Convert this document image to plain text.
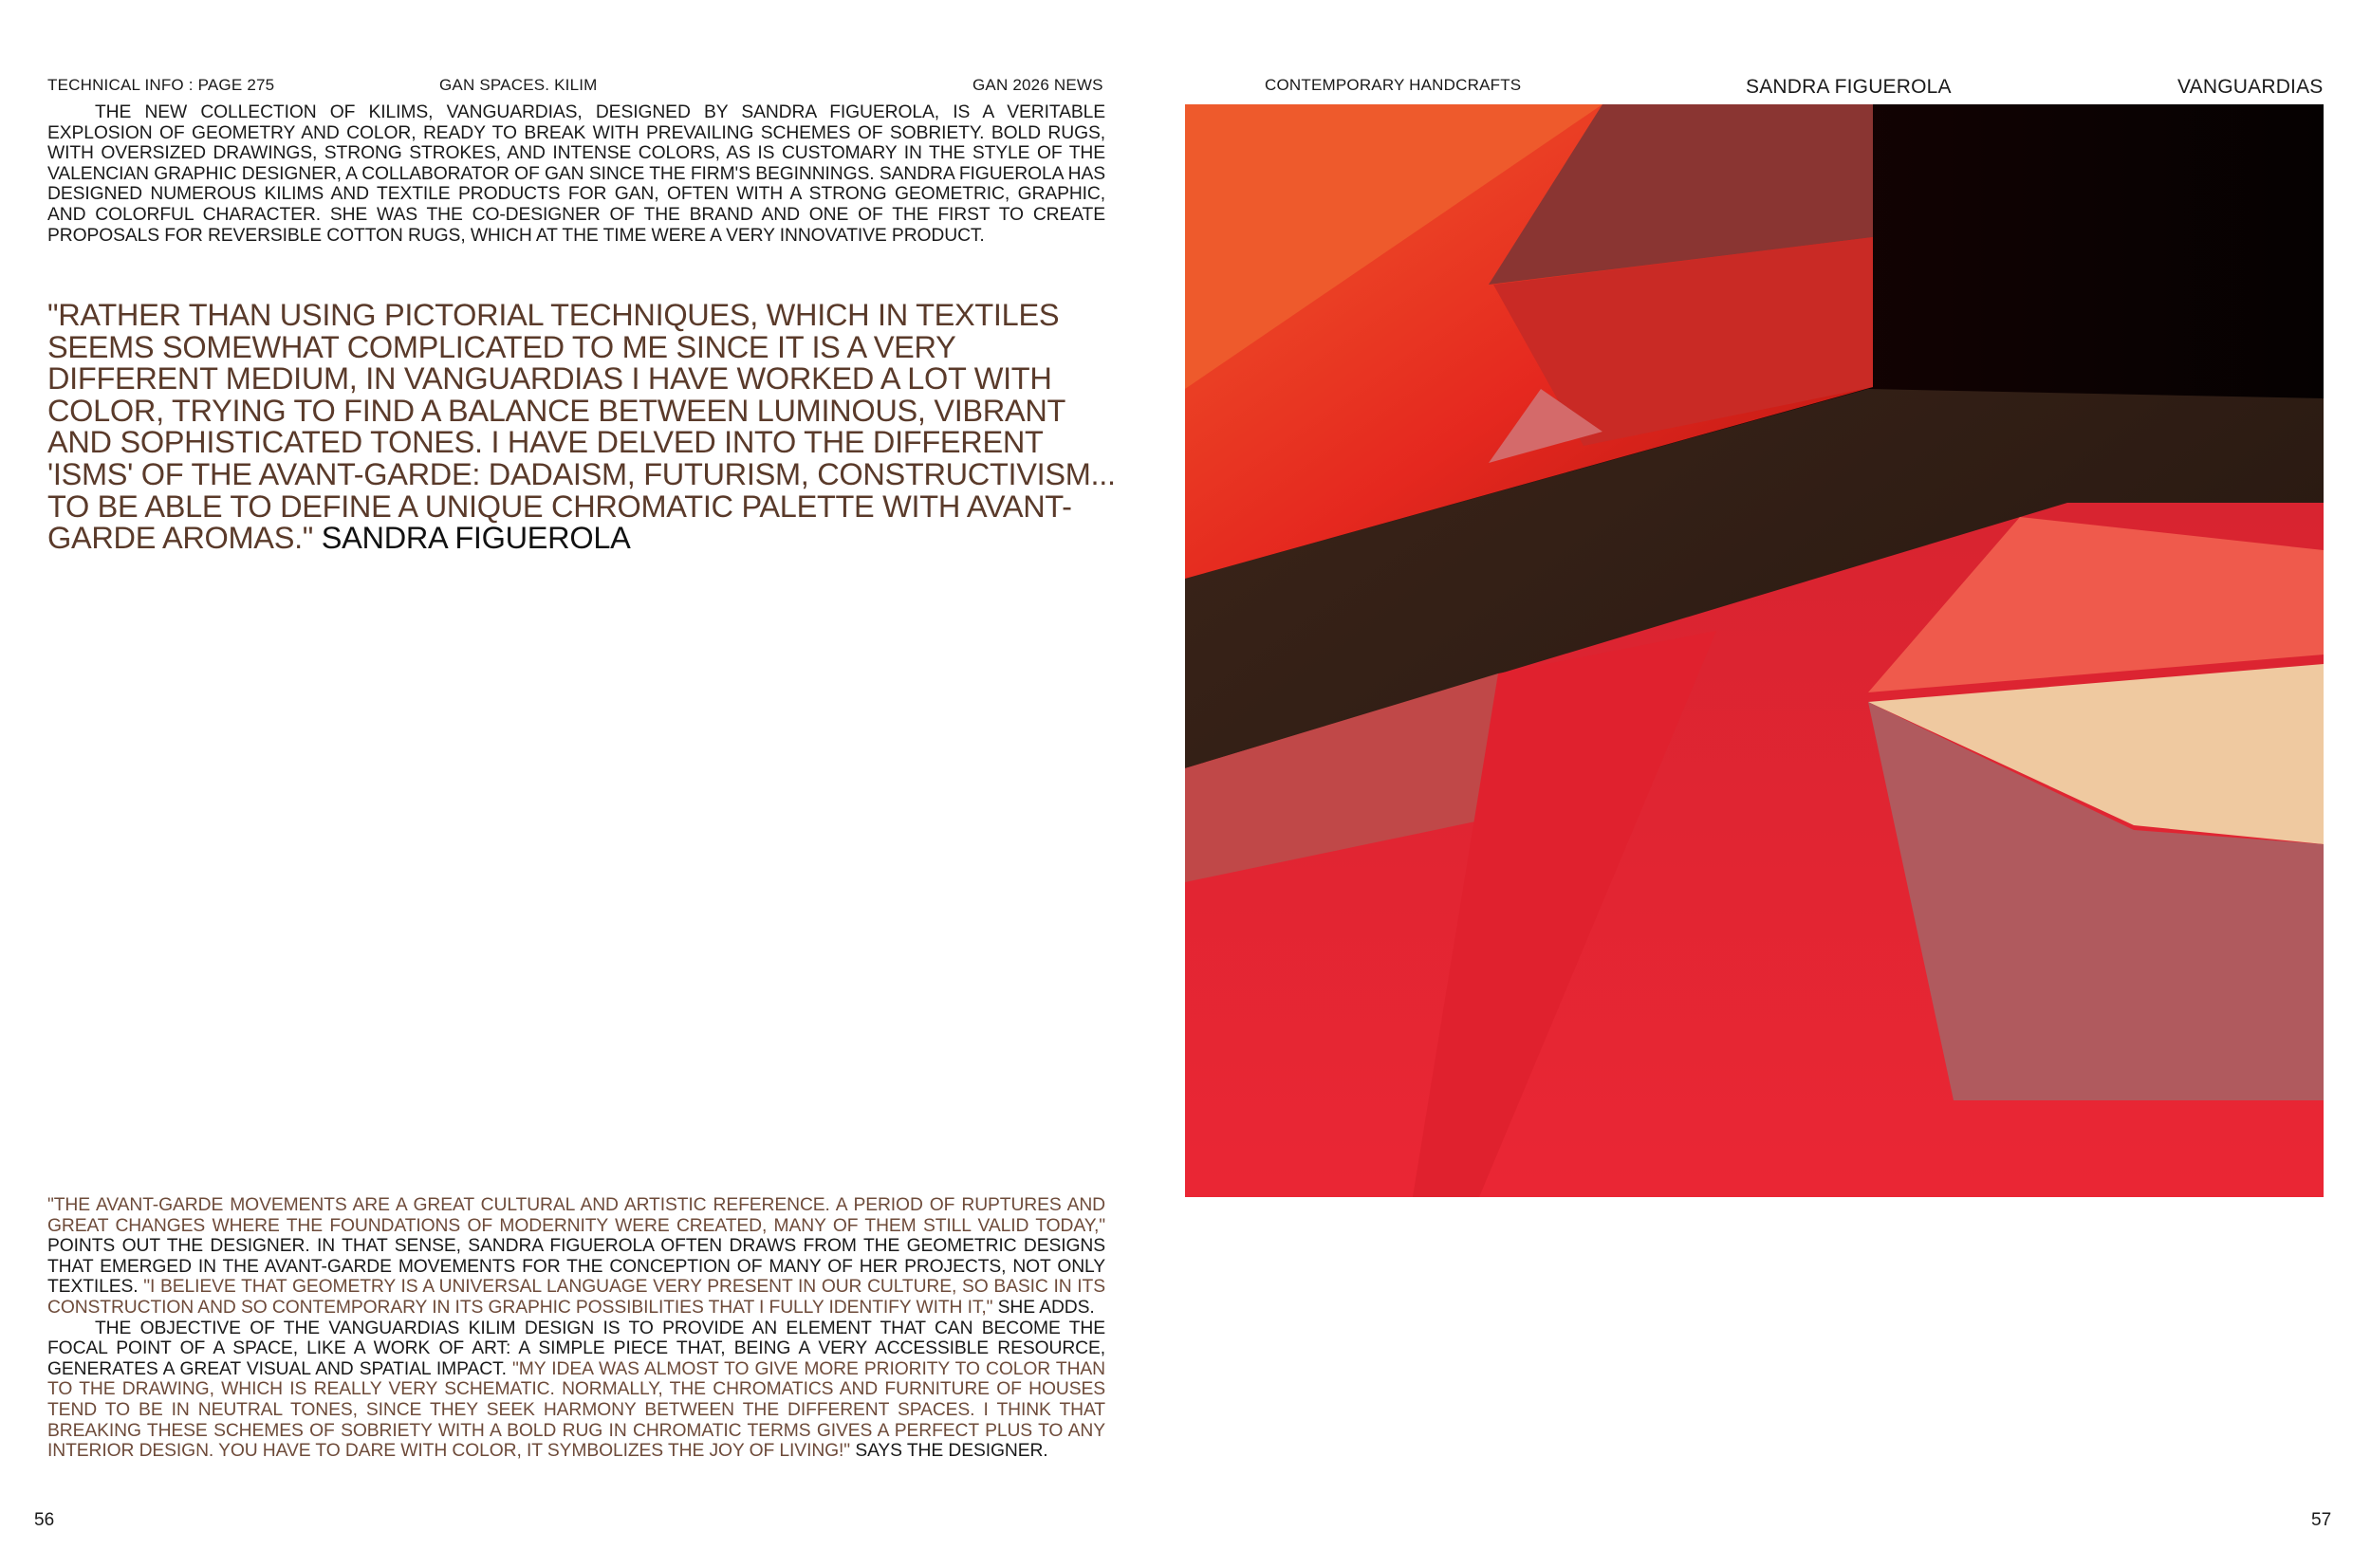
TECHNICAL INFO : PAGE 275	GAN SPACES. KILIM	GAN 2026 NEWS	CONTEMPORARY HANDCRAFTS	SANDRA FIGUEROLA	VANGUARDIAS

THE NEW COLLECTION OF KILIMS, VANGUARDIAS, DESIGNED BY SANDRA FIGUEROLA, IS A VERITABLE EXPLOSION OF GEOMETRY AND COLOR, READY TO BREAK WITH PREVAILING SCHEMES OF SOBRIETY. BOLD RUGS, WITH OVERSIZED DRAWINGS, STRONG STROKES, AND INTENSE COLORS, AS IS CUSTOMARY IN THE STYLE OF THE VALENCIAN GRAPHIC DESIGNER, A COLLABORATOR OF GAN SINCE THE FIRM'S BEGINNINGS. SANDRA FIGUEROLA HAS DESIGNED NUMEROUS KILIMS AND TEXTILE PRODUCTS FOR GAN, OFTEN WITH A STRONG GEOMETRIC, GRAPHIC, AND COLORFUL CHARACTER. SHE WAS THE CO-DESIGNER OF THE BRAND AND ONE OF THE FIRST TO CREATE PROPOSALS FOR REVERSIBLE COTTON RUGS, WHICH AT THE TIME WERE A VERY INNOVATIVE PRODUCT.

"RATHER THAN USING PICTORIAL TECHNIQUES, WHICH IN TEXTILES SEEMS SOMEWHAT COMPLICATED TO ME SINCE IT IS A VERY DIFFERENT MEDIUM, IN VANGUARDIAS I HAVE WORKED A LOT WITH COLOR, TRYING TO FIND A BALANCE BETWEEN LUMINOUS, VIBRANT AND SOPHISTICATED TONES. I HAVE DELVED INTO THE DIFFERENT 'ISMS' OF THE AVANT-GARDE: DADAISM, FUTURISM, CONSTRUCTIVISM... TO BE ABLE TO DEFINE A UNIQUE CHROMATIC PALETTE WITH AVANT-GARDE AROMAS." SANDRA FIGUEROLA

"THE AVANT-GARDE MOVEMENTS ARE A GREAT CULTURAL AND ARTISTIC REFERENCE. A PERIOD OF RUPTURES AND GREAT CHANGES WHERE THE FOUNDATIONS OF MODERNITY WERE CREATED, MANY OF THEM STILL VALID TODAY," POINTS OUT THE DESIGNER. IN THAT SENSE, SANDRA FIGUEROLA OFTEN DRAWS FROM THE GEOMETRIC DESIGNS THAT EMERGED IN THE AVANT-GARDE MOVEMENTS FOR THE CONCEPTION OF MANY OF HER PROJECTS, NOT ONLY TEXTILES. "I BELIEVE THAT GEOMETRY IS A UNIVERSAL LANGUAGE VERY PRESENT IN OUR CULTURE, SO BASIC IN ITS CONSTRUCTION AND SO CONTEMPORARY IN ITS GRAPHIC POSSIBILITIES THAT I FULLY IDENTIFY WITH IT," SHE ADDS.

THE OBJECTIVE OF THE VANGUARDIAS KILIM DESIGN IS TO PROVIDE AN ELEMENT THAT CAN BECOME THE FOCAL POINT OF A SPACE, LIKE A WORK OF ART: A SIMPLE PIECE THAT, BEING A VERY ACCESSIBLE RESOURCE, GENERATES A GREAT VISUAL AND SPATIAL IMPACT. "MY IDEA WAS ALMOST TO GIVE MORE PRIORITY TO COLOR THAN TO THE DRAWING, WHICH IS REALLY VERY SCHEMATIC. NORMALLY, THE CHROMATICS AND FURNITURE OF HOUSES TEND TO BE IN NEUTRAL TONES, SINCE THEY SEEK HARMONY BETWEEN THE DIFFERENT SPACES. I THINK THAT BREAKING THESE SCHEMES OF SOBRIETY WITH A BOLD RUG IN CHROMATIC TERMS GIVES A PERFECT PLUS TO ANY INTERIOR DESIGN. YOU HAVE TO DARE WITH COLOR, IT SYMBOLIZES THE JOY OF LIVING!" SAYS THE DESIGNER.

56	57
